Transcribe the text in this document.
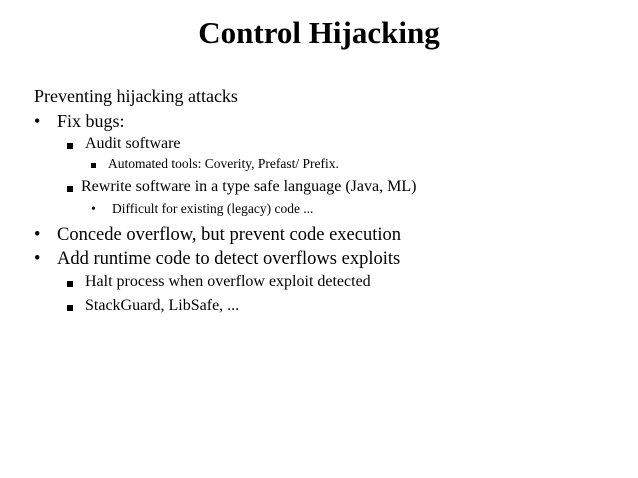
Control Hijacking
Preventing hijacking attacks
• Fix bugs:
Audit software
Automated tools: Coverity, Prefast/ Prefix.
Rewrite software in a type safe language (Java, ML)
• Difficult for existing (legacy) code ...
• Concede overflow, but prevent code execution
• Add runtime code to detect overflows exploits
Halt process when overflow exploit detected
StackGuard, LibSafe, ...
